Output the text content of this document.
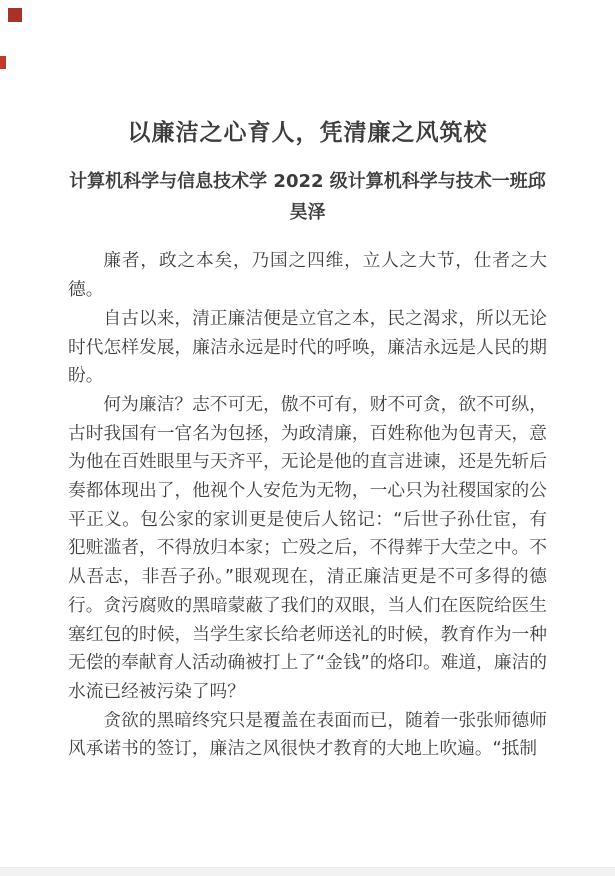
以廉洁之心育人，凭清廉之风筑校
计算机科学与信息技术学 2022 级计算机科学与技术一班邱昊泽

廉者，政之本矣，乃国之四维，立人之大节，仕者之大德。

自古以来，清正廉洁便是立官之本，民之渴求，所以无论时代怎样发展，廉洁永远是时代的呼唤，廉洁永远是人民的期盼。

何为廉洁？志不可无，傲不可有，财不可贪，欲不可纵，古时我国有一官名为包拯，为政清廉，百姓称他为包青天，意为他在百姓眼里与天齐平，无论是他的直言进谏，还是先斩后奏都体现出了，他视个人安危为无物，一心只为社稷国家的公平正义。包公家的家训更是使后人铭记：“后世子孙仕宦，有犯赃滥者，不得放归本家；亡殁之后，不得葬于大茔之中。不从吾志，非吾子孙。”眼观现在，清正廉洁更是不可多得的德行。贪污腐败的黑暗蒙蔽了我们的双眼，当人们在医院给医生塞红包的时候，当学生家长给老师送礼的时候，教育作为一种无偿的奉献育人活动确被打上了“金钱”的烙印。难道，廉洁的水流已经被污染了吗？

贪欲的黑暗终究只是覆盖在表面而已，随着一张张师德师风承诺书的签订，廉洁之风很快才教育的大地上吹遍。“抵制
